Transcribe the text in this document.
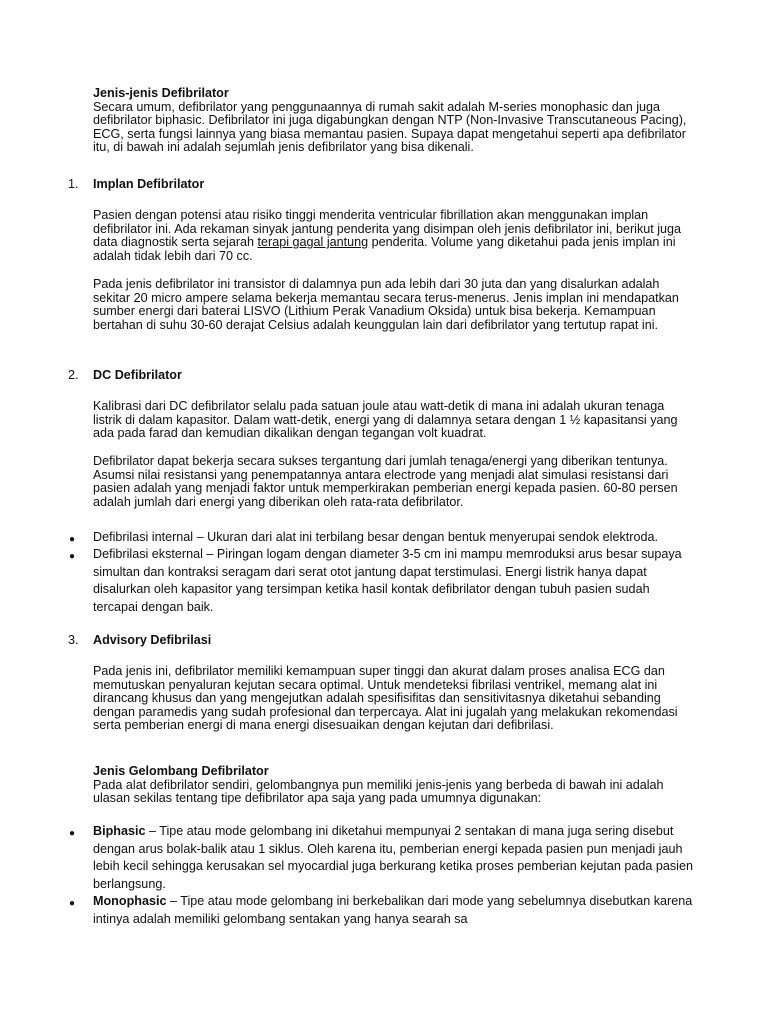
Jenis-jenis Defibrilator
Secara umum, defibrilator yang penggunaannya di rumah sakit adalah M-series monophasic dan juga defibrilator biphasic. Defibrilator ini juga digabungkan dengan NTP (Non-Invasive Transcutaneous Pacing), ECG, serta fungsi lainnya yang biasa memantau pasien. Supaya dapat mengetahui seperti apa defibrilator itu, di bawah ini adalah sejumlah jenis defibrilator yang bisa dikenali.
1. Implan Defibrilator

Pasien dengan potensi atau risiko tinggi menderita ventricular fibrillation akan menggunakan implan defibrilator ini. Ada rekaman sinyak jantung penderita yang disimpan oleh jenis defibrilator ini, berikut juga data diagnostik serta sejarah terapi gagal jantung penderita. Volume yang diketahui pada jenis implan ini adalah tidak lebih dari 70 cc.

Pada jenis defibrilator ini transistor di dalamnya pun ada lebih dari 30 juta dan yang disalurkan adalah sekitar 20 micro ampere selama bekerja memantau secara terus-menerus. Jenis implan ini mendapatkan sumber energi dari baterai LISVO (Lithium Perak Vanadium Oksida) untuk bisa bekerja. Kemampuan bertahan di suhu 30-60 derajat Celsius adalah keunggulan lain dari defibrilator yang tertutup rapat ini.

2. DC Defibrilator

Kalibrasi dari DC defibrilator selalu pada satuan joule atau watt-detik di mana ini adalah ukuran tenaga listrik di dalam kapasitor. Dalam watt-detik, energi yang di dalamnya setara dengan 1 ½ kapasitansi yang ada pada farad dan kemudian dikalikan dengan tegangan volt kuadrat.

Defibrilator dapat bekerja secara sukses tergantung dari jumlah tenaga/energi yang diberikan tentunya. Asumsi nilai resistansi yang penempatannya antara electrode yang menjadi alat simulasi resistansi dari pasien adalah yang menjadi faktor untuk memperkirakan pemberian energi kepada pasien. 60-80 persen adalah jumlah dari energi yang diberikan oleh rata-rata defibrilator.

● Defibrilasi internal – Ukuran dari alat ini terbilang besar dengan bentuk menyerupai sendok elektroda.

● Defibrilasi eksternal – Piringan logam dengan diameter 3-5 cm ini mampu memroduksi arus besar supaya simultan dan kontraksi seragam dari serat otot jantung dapat terstimulasi. Energi listrik hanya dapat disalurkan oleh kapasitor yang tersimpan ketika hasil kontak defibrilator dengan tubuh pasien sudah tercapai dengan baik.

3. Advisory Defibrilasi

Pada jenis ini, defibrilator memiliki kemampuan super tinggi dan akurat dalam proses analisa ECG dan memutuskan penyaluran kejutan secara optimal. Untuk mendeteksi fibrilasi ventrikel, memang alat ini dirancang khusus dan yang mengejutkan adalah spesifisifitas dan sensitivitasnya diketahui sebanding dengan paramedis yang sudah profesional dan terpercaya. Alat ini jugalah yang melakukan rekomendasi serta pemberian energi di mana energi disesuaikan dengan kejutan dari defibrilasi.

Jenis Gelombang Defibrilator
Pada alat defibrilator sendiri, gelombangnya pun memiliki jenis-jenis yang berbeda di bawah ini adalah ulasan sekilas tentang tipe defibrilator apa saja yang pada umumnya digunakan:
● Biphasic – Tipe atau mode gelombang ini diketahui mempunyai 2 sentakan di mana juga sering disebut dengan arus bolak-balik atau 1 siklus. Oleh karena itu, pemberian energi kepada pasien pun menjadi jauh lebih kecil sehingga kerusakan sel myocardial juga berkurang ketika proses pemberian kejutan pada pasien berlangsung.

● Monophasic – Tipe atau mode gelombang ini berkebalikan dari mode yang sebelumnya disebutkan karena intinya adalah memiliki gelombang sentakan yang hanya searah sa
